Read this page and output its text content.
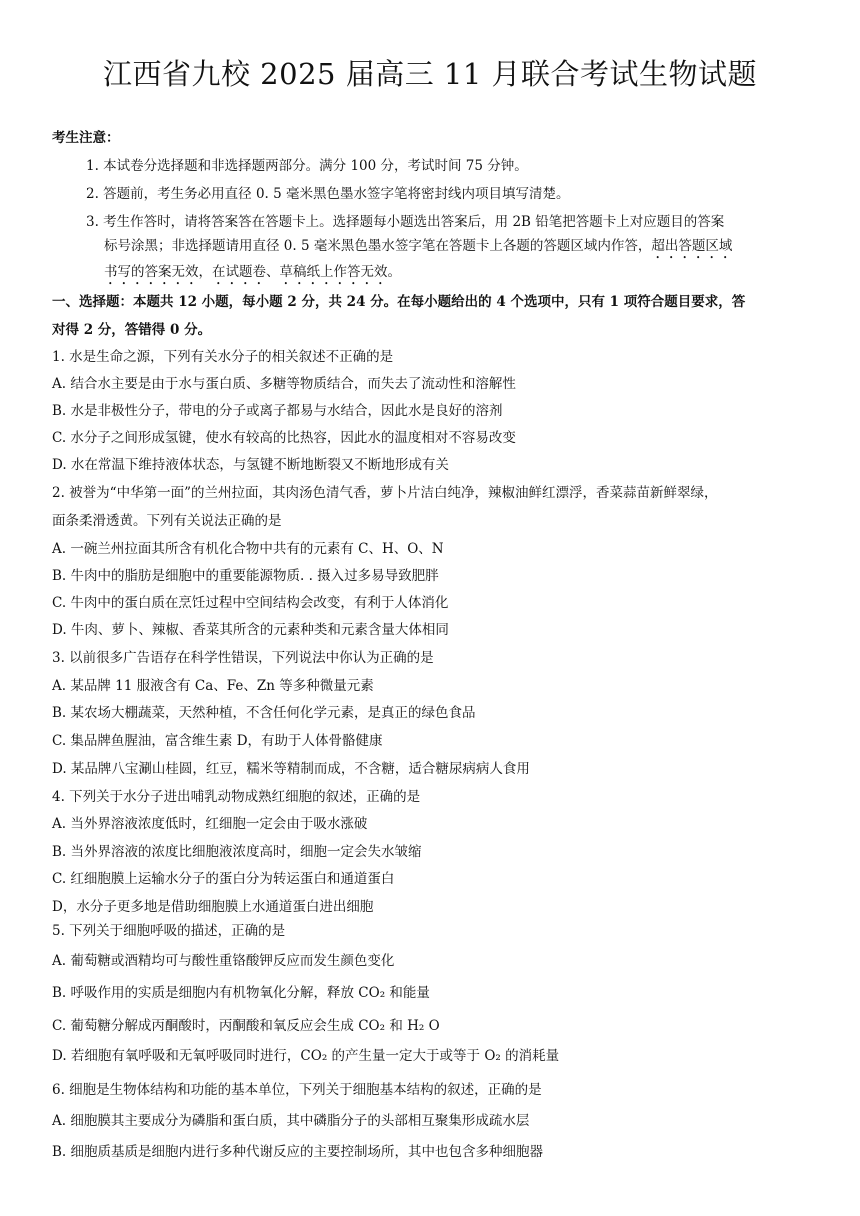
江西省九校 2025 届高三 11 月联合考试生物试题
考生注意：
1. 本试卷分选择题和非选择题两部分。满分 100 分，考试时间 75 分钟。
2. 答题前，考生务必用直径 0. 5 毫米黑色墨水签字笔将密封线内项目填写清楚。
3. 考生作答时，请将答案答在答题卡上。选择题每小题选出答案后，用 2B 铅笔把答题卡上对应题目的答案
标号涂黑；非选择题请用直径 0. 5 毫米黑色墨水签字笔在答题卡上各题的答题区域内作答，超出答题区域
书写的答案无效，在试题卷、草稿纸上作答无效。
一、选择题：本题共 12 小题，每小题 2 分，共 24 分。在每小题给出的 4 个选项中，只有 1 项符合题目要求，答
对得 2 分，答错得 0 分。
1. 水是生命之源，下列有关水分子的相关叙述不正确的是
A. 结合水主要是由于水与蛋白质、多糖等物质结合，而失去了流动性和溶解性
B. 水是非极性分子，带电的分子或离子都易与水结合，因此水是良好的溶剂
C. 水分子之间形成氢键，使水有较高的比热容，因此水的温度相对不容易改变
D. 水在常温下维持液体状态，与氢键不断地断裂又不断地形成有关
2. 被誉为“中华第一面”的兰州拉面，其肉汤色清气香，萝卜片洁白纯净，辣椒油鲜红漂浮，香菜蒜苗新鲜翠绿，
面条柔滑透黄。下列有关说法正确的是
A. 一碗兰州拉面其所含有机化合物中共有的元素有 C、H、O、N
B. 牛肉中的脂肪是细胞中的重要能源物质. . 摄入过多易导致肥胖
C. 牛肉中的蛋白质在烹饪过程中空间结构会改变，有利于人体消化
D. 牛肉、萝卜、辣椒、香菜其所含的元素种类和元素含量大体相同
3. 以前很多广告语存在科学性错误，下列说法中你认为正确的是
A. 某品牌 11 服液含有 Ca、Fe、Zn 等多种微量元素
B. 某农场大棚蔬菜，天然种植，不含任何化学元素，是真正的绿色食品
C. 集品牌鱼腥油，富含维生素 D，有助于人体骨骼健康
D. 某品牌八宝涮山桂圆，红豆，糯米等精制而成，不含糖，适合糖尿病病人食用
4. 下列关于水分子进出哺乳动物成熟红细胞的叙述，正确的是
A. 当外界溶液浓度低时，红细胞一定会由于吸水涨破
B. 当外界溶液的浓度比细胞液浓度高时，细胞一定会失水皱缩
C. 红细胞膜上运输水分子的蛋白分为转运蛋白和通道蛋白
D，水分子更多地是借助细胞膜上水通道蛋白进出细胞
5. 下列关于细胞呼吸的描述，正确的是
A. 葡萄糖或酒精均可与酸性重铬酸钾反应而发生颜色变化
B. 呼吸作用的实质是细胞内有机物氧化分解，释放 CO₂ 和能量
C. 葡萄糖分解成丙酮酸时，丙酮酸和氧反应会生成 CO₂ 和 H₂ O
D. 若细胞有氧呼吸和无氧呼吸同时进行，CO₂ 的产生量一定大于或等于 O₂ 的消耗量
6. 细胞是生物体结构和功能的基本单位，下列关于细胞基本结构的叙述，正确的是
A. 细胞膜其主要成分为磷脂和蛋白质，其中磷脂分子的头部相互聚集形成疏水层
B. 细胞质基质是细胞内进行多种代谢反应的主要控制场所，其中也包含多种细胞器
